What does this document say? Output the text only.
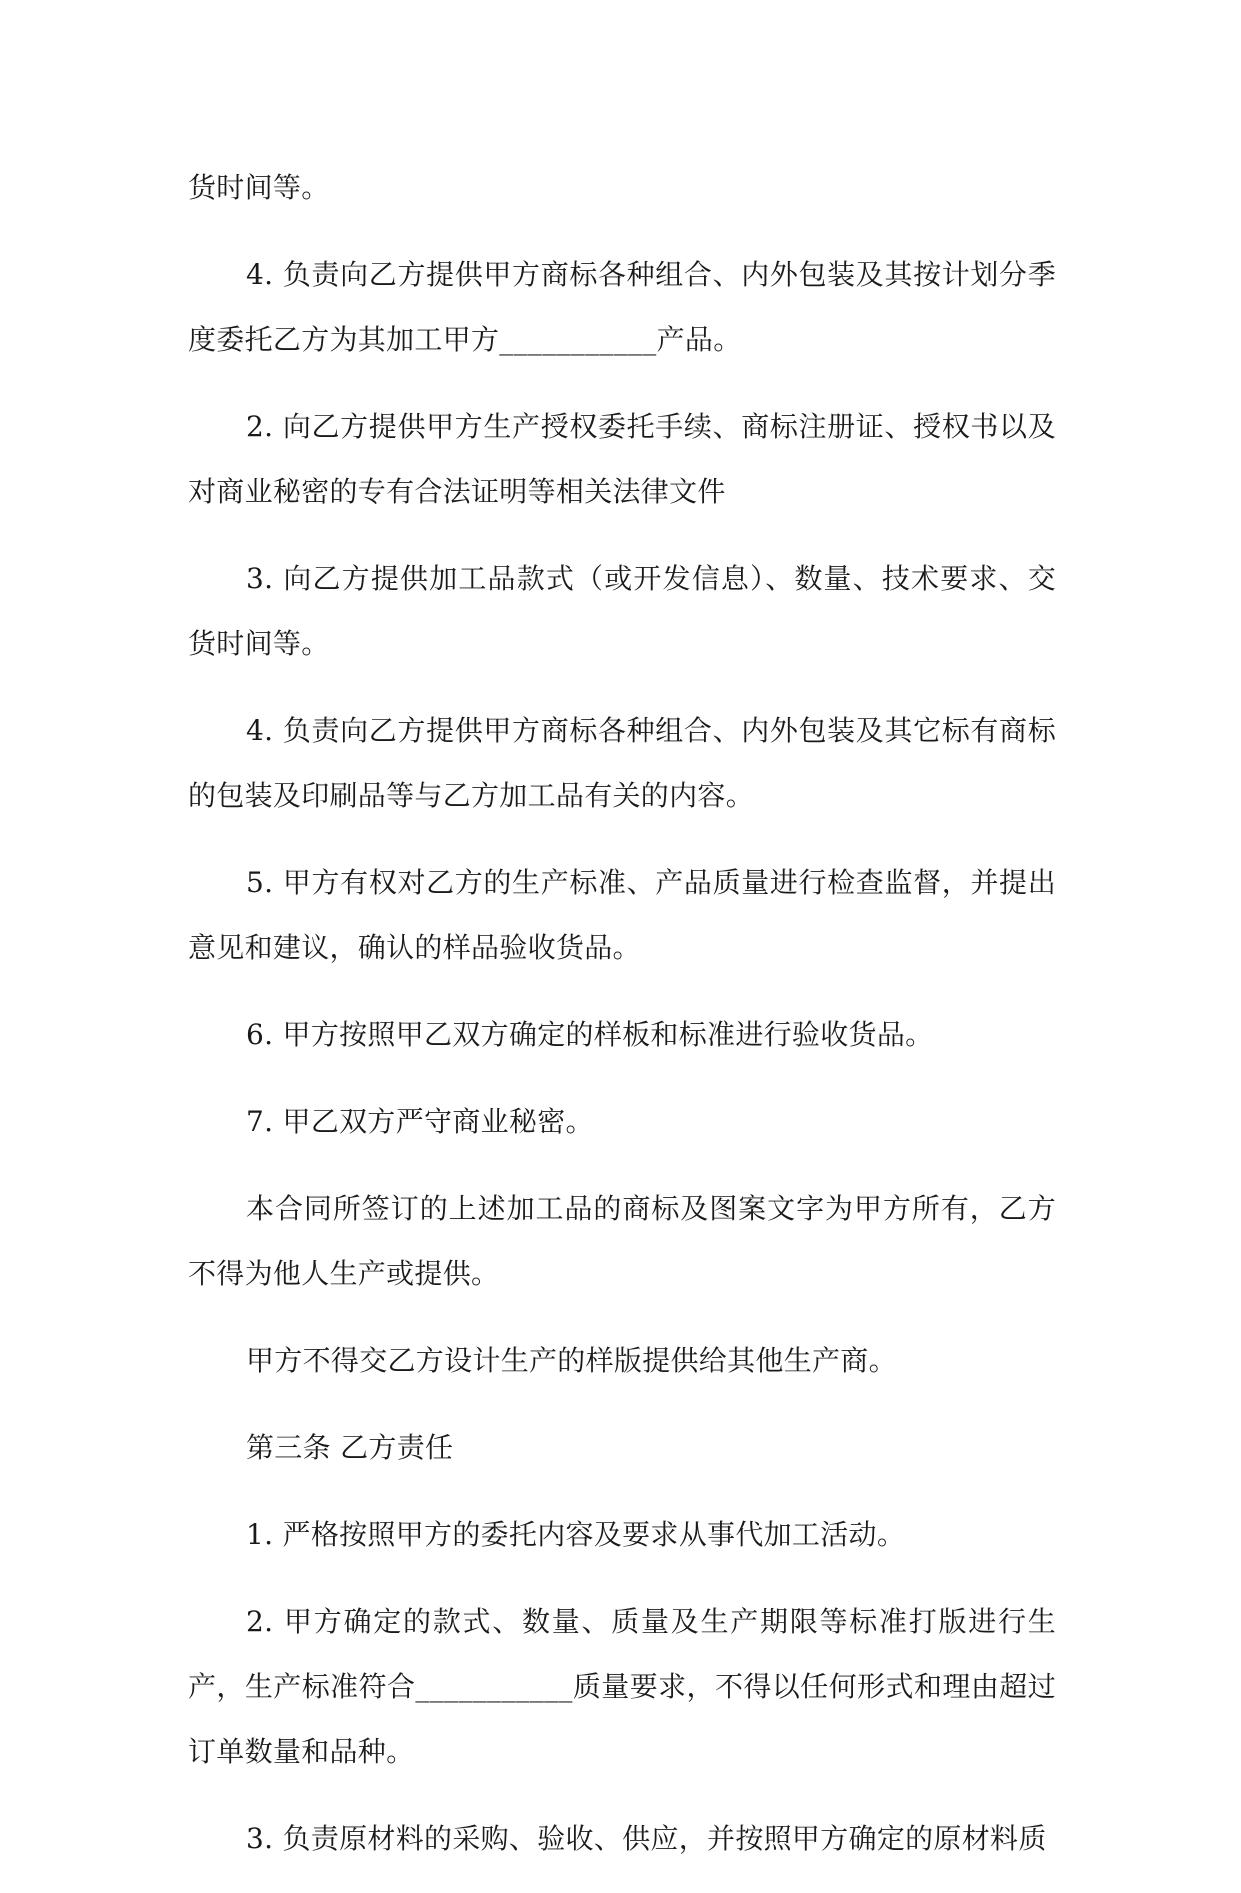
货时间等。

4. 负责向乙方提供甲方商标各种组合、内外包装及其按计划分季度委托乙方为其加工甲方___________产品。

2. 向乙方提供甲方生产授权委托手续、商标注册证、授权书以及对商业秘密的专有合法证明等相关法律文件

3. 向乙方提供加工品款式（或开发信息）、数量、技术要求、交货时间等。

4. 负责向乙方提供甲方商标各种组合、内外包装及其它标有商标的包装及印刷品等与乙方加工品有关的内容。

5. 甲方有权对乙方的生产标准、产品质量进行检查监督，并提出意见和建议，确认的样品验收货品。

6. 甲方按照甲乙双方确定的样板和标准进行验收货品。

7. 甲乙双方严守商业秘密。

本合同所签订的上述加工品的商标及图案文字为甲方所有，乙方不得为他人生产或提供。

甲方不得交乙方设计生产的样版提供给其他生产商。

第三条 乙方责任

1. 严格按照甲方的委托内容及要求从事代加工活动。

2. 甲方确定的款式、数量、质量及生产期限等标准打版进行生产，生产标准符合___________质量要求，不得以任何形式和理由超过订单数量和品种。

3. 负责原材料的采购、验收、供应，并按照甲方确定的原材料质
